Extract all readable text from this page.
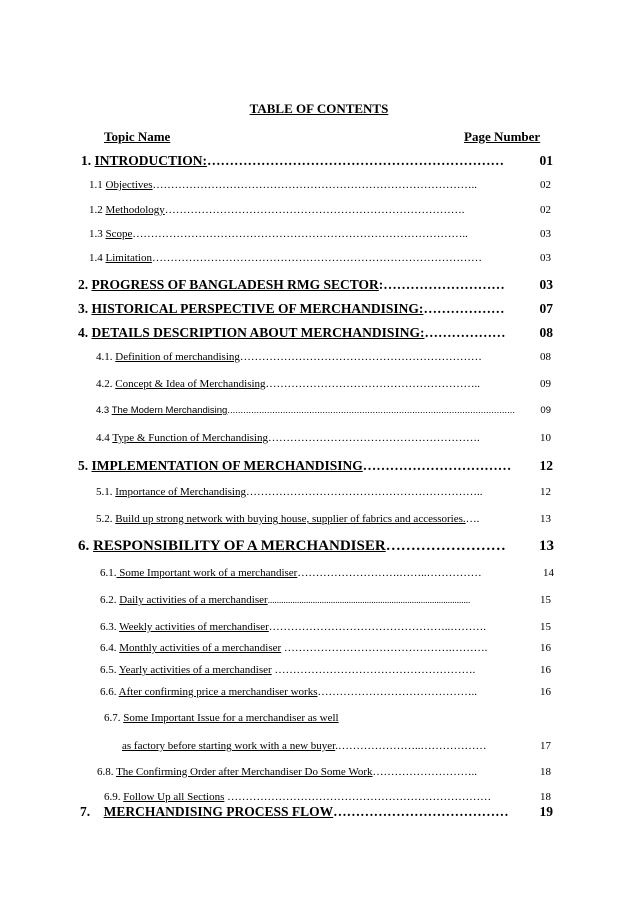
TABLE OF CONTENTS
Topic Name	Page Number
1. INTRODUCTION:…………………………………………………………	01
1.1 Objectives……………………………………………………………………………..	02
1.2 Methodology……………………………………………………………………….	02
1.3 Scope………………………………………………………………………………..	03
1.4 Limitation………………………………………………………………………………	03
2. PROGRESS OF BANGLADESH RMG SECTOR:………………………	03
3. HISTORICAL PERSPECTIVE OF MERCHANDISING:………………	07
4. DETAILS DESCRIPTION ABOUT MERCHANDISING:………………	08
4.1. Definition of merchandising…………………………………………………………	08
4.2. Concept & Idea of Merchandising…………………………………………………..	09
4.3 The Modern Merchandising.............................................................................................................	09
4.4 Type & Function of Merchandising………………………………………………….	10
5. IMPLEMENTATION OF MERCHANDISING……………………………	12
5.1. Importance of Merchandising………………………………………………………..	12
5.2. Build up strong network with buying house, supplier of fabrics and accessories.….	13
6. RESPONSIBILITY OF A MERCHANDISER……………………	13
6.1. Some Important work of a merchandiser……………………….……..……………	14
6.2. Daily activities of a merchandiser..........................................................................................	15
6.3. Weekly activities of merchandiser…………………………………………..……….	15
6.4. Monthly activities of a merchandiser ……………………………………….……….	16
6.5. Yearly activities of a merchandiser ……………………………………………….	16
6.6. After confirming price a merchandiser works……………………………………..	16
6.7. Some Important Issue for a merchandiser as well
as factory before starting work with a new buyer.…………………..………………	17
6.8. The Confirming Order after Merchandiser Do Some Work………………………..	18
6.9. Follow Up all Sections ………………………………………………………………	18
7. MERCHANDISING PROCESS FLOW…………………………………	19
